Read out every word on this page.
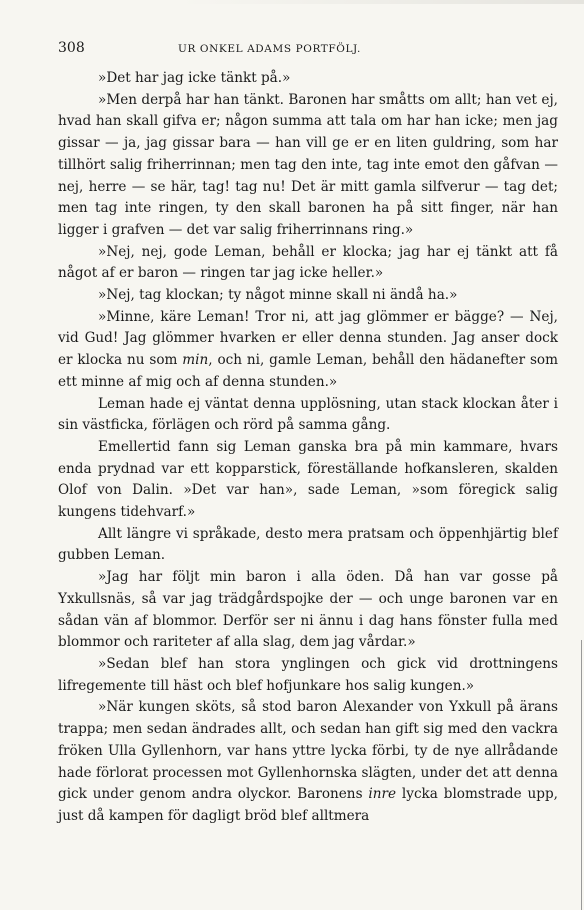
308	UR ONKEL ADAMS PORTFÖLJ.

»Det har jag icke tänkt på.»

»Men derpå har han tänkt. Baronen har småtts om allt; han vet ej, hvad han skall gifva er; någon summa att tala om har han icke; men jag gissar — ja, jag gissar bara — han vill ge er en liten guldring, som har tillhört salig friherrinnan; men tag den inte, tag inte emot den gåfvan — nej, herre — se här, tag! tag nu! Det är mitt gamla silfverur — tag det; men tag inte ringen, ty den skall baronen ha på sitt finger, när han ligger i grafven — det var salig friherrinnans ring.»

»Nej, nej, gode Leman, behåll er klocka; jag har ej tänkt att få något af er baron — ringen tar jag icke heller.»

»Nej, tag klockan; ty något minne skall ni ändå ha.»

»Minne, käre Leman! Tror ni, att jag glömmer er bägge? — Nej, vid Gud! Jag glömmer hvarken er eller denna stunden. Jag anser dock er klocka nu som min, och ni, gamle Leman, behåll den hädanefter som ett minne af mig och af denna stunden.»

Leman hade ej väntat denna upplösning, utan stack klockan åter i sin västficka, förlägen och rörd på samma gång.

Emellertid fann sig Leman ganska bra på min kammare, hvars enda prydnad var ett kopparstick, föreställande hofkansleren, skalden Olof von Dalin. »Det var han», sade Leman, »som föregick salig kungens tidehvarf.»

Allt längre vi språkade, desto mera pratsam och öppenhjärtig blef gubben Leman.

»Jag har följt min baron i alla öden. Då han var gosse på Yxkullsnäs, så var jag trädgårdspojke der — och unge baronen var en sådan vän af blommor. Derför ser ni ännu i dag hans fönster fulla med blommor och rariteter af alla slag, dem jag vårdar.»

»Sedan blef han stora ynglingen och gick vid drottningens lifregemente till häst och blef hofjunkare hos salig kungen.»

»När kungen sköts, så stod baron Alexander von Yxkull på ärans trappa; men sedan ändrades allt, och sedan han gift sig med den vackra fröken Ulla Gyllenhorn, var hans yttre lycka förbi, ty de nye allrådande hade förlorat processen mot Gyllenhornska slägten, under det att denna gick under genom andra olyckor. Baronens inre lycka blomstrade upp, just då kampen för dagligt bröd blef alltmera
